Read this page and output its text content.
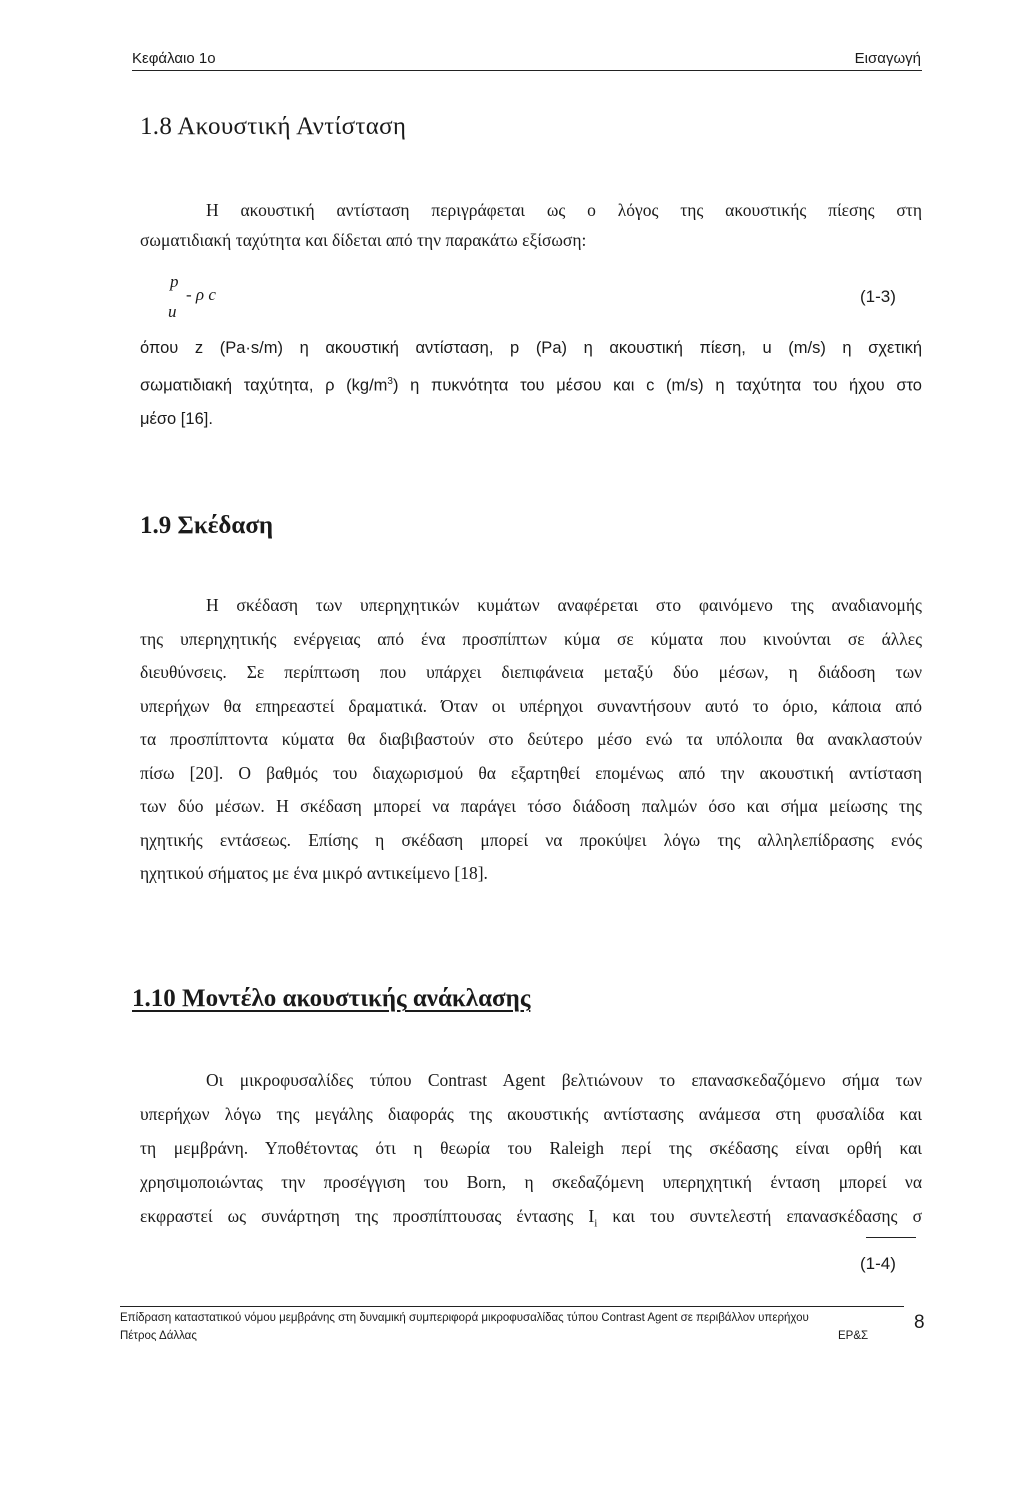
Κεφάλαιο 1ο	Εισαγωγή
1.8 Ακουστική Αντίσταση

Η ακουστική αντίσταση περιγράφεται ως ο λόγος της ακουστικής πίεσης στη

σωματιδιακή ταχύτητα και δίδεται από την παρακάτω εξίσωση:

p
u
- ρ c	(1-3)

όπου z (Pa·s/m) η ακουστική αντίσταση, p (Pa) η ακουστική πίεση, u (m/s) η σχετική

σωματιδιακή ταχύτητα, ρ $(kg/m^3)$ η πυκνότητα του μέσου και c (m/s) η ταχύτητα του ήχου στο

μέσο [16].

1.9 Σκέδαση

Η σκέδαση των υπερηχητικών κυμάτων αναφέρεται στο φαινόμενο της αναδιανομής

της υπερηχητικής ενέργειας από ένα προσπίπτων κύμα σε κύματα που κινούνται σε άλλες

διευθύνσεις. Σε περίπτωση που υπάρχει διεπιφάνεια μεταξύ δύο μέσων, η διάδοση των

υπερήχων θα επηρεαστεί δραματικά. Όταν οι υπέρηχοι συναντήσουν αυτό το όριο, κάποια από

τα προσπίπτοντα κύματα θα διαβιβαστούν στο δεύτερο μέσο ενώ τα υπόλοιπα θα ανακλαστούν

πίσω [20]. Ο βαθμός του διαχωρισμού θα εξαρτηθεί επομένως από την ακουστική αντίσταση

των δύο μέσων. Η σκέδαση μπορεί να παράγει τόσο διάδοση παλμών όσο και σήμα μείωσης της

ηχητικής εντάσεως. Επίσης η σκέδαση μπορεί να προκύψει λόγω της αλληλεπίδρασης ενός

ηχητικού σήματος με ένα μικρό αντικείμενο [18].

1.10 Μοντέλο ακουστικής ανάκλασης

Οι μικροφυσαλίδες τύπου Contrast Agent βελτιώνουν το επανασκεδαζόμενο σήμα των

υπερήχων λόγω της μεγάλης διαφοράς της ακουστικής αντίστασης ανάμεσα στη φυσαλίδα και

τη μεμβράνη. Υποθέτοντας ότι η θεωρία του Raleigh περί της σκέδασης είναι ορθή και

χρησιμοποιώντας την προσέγγιση του Born, η σκεδαζόμενη υπερηχητική ένταση μπορεί να

εκφραστεί ως συνάρτηση της προσπίπτουσας έντασης $I_i$ και του συντελεστή επανασκέδασης σ

(1-4)
Επίδραση καταστατικού νόμου μεμβράνης στη δυναμική συμπεριφορά μικροφυσαλίδας τύπου Contrast Agent σε περιβάλλον υπερήχου
Πέτρος Δάλλας	ΕΡ&Σ
8
